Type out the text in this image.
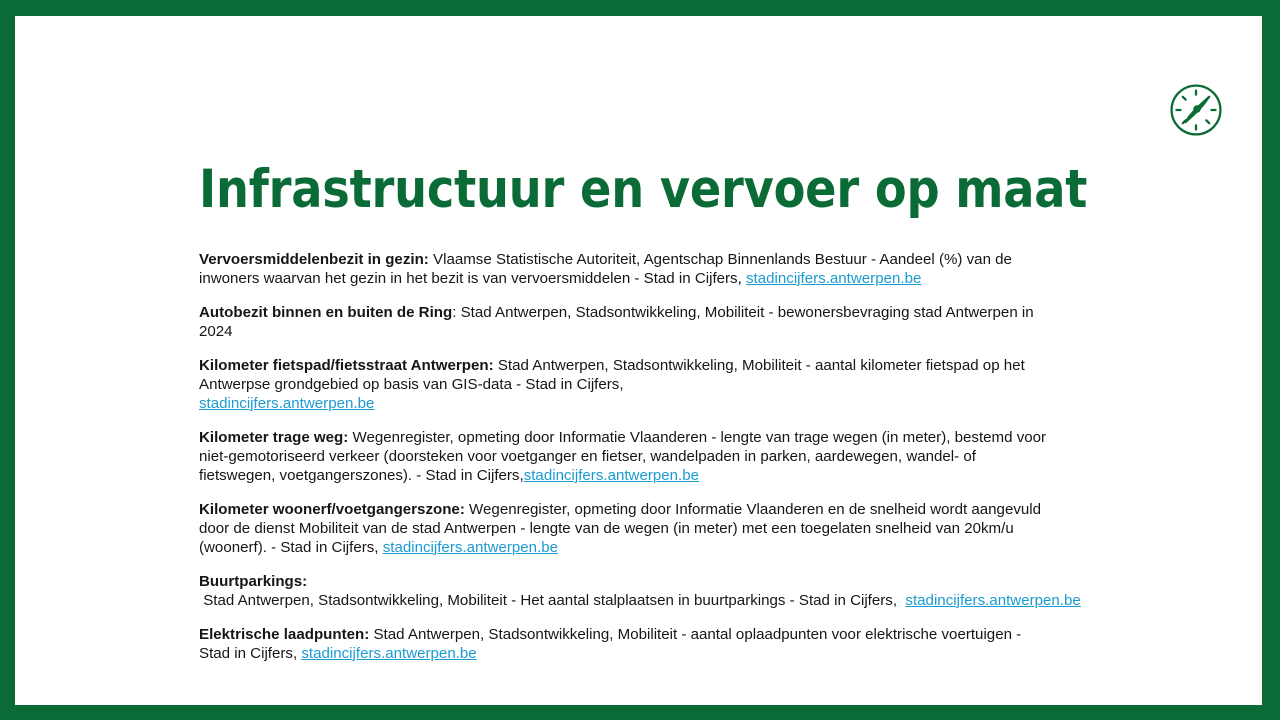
Infrastructuur en vervoer op maat

Vervoersmiddelenbezit in gezin: Vlaamse Statistische Autoriteit, Agentschap Binnenlands Bestuur - Aandeel (%) van de inwoners waarvan het gezin in het bezit is van vervoersmiddelen - Stad in Cijfers, stadincijfers.antwerpen.be

Autobezit binnen en buiten de Ring: Stad Antwerpen, Stadsontwikkeling, Mobiliteit - bewonersbevraging stad Antwerpen in 2024

Kilometer fietspad/fietsstraat Antwerpen: Stad Antwerpen, Stadsontwikkeling, Mobiliteit - aantal kilometer fietspad op het Antwerpse grondgebied op basis van GIS-data - Stad in Cijfers,
stadincijfers.antwerpen.be

Kilometer trage weg: Wegenregister, opmeting door Informatie Vlaanderen - lengte van trage wegen (in meter), bestemd voor niet-gemotoriseerd verkeer (doorsteken voor voetganger en fietser, wandelpaden in parken, aardewegen, wandel- of fietswegen, voetgangerszones). - Stad in Cijfers,stadincijfers.antwerpen.be

Kilometer woonerf/voetgangerszone: Wegenregister, opmeting door Informatie Vlaanderen en de snelheid wordt aangevuld door de dienst Mobiliteit van de stad Antwerpen - lengte van de wegen (in meter) met een toegelaten snelheid van 20km/u (woonerf). - Stad in Cijfers, stadincijfers.antwerpen.be

Buurtparkings: Stad Antwerpen, Stadsontwikkeling, Mobiliteit - Het aantal stalplaatsen in buurtparkings - Stad in Cijfers,  stadincijfers.antwerpen.be

Elektrische laadpunten: Stad Antwerpen, Stadsontwikkeling, Mobiliteit - aantal oplaadpunten voor elektrische voertuigen - Stad in Cijfers, stadincijfers.antwerpen.be
